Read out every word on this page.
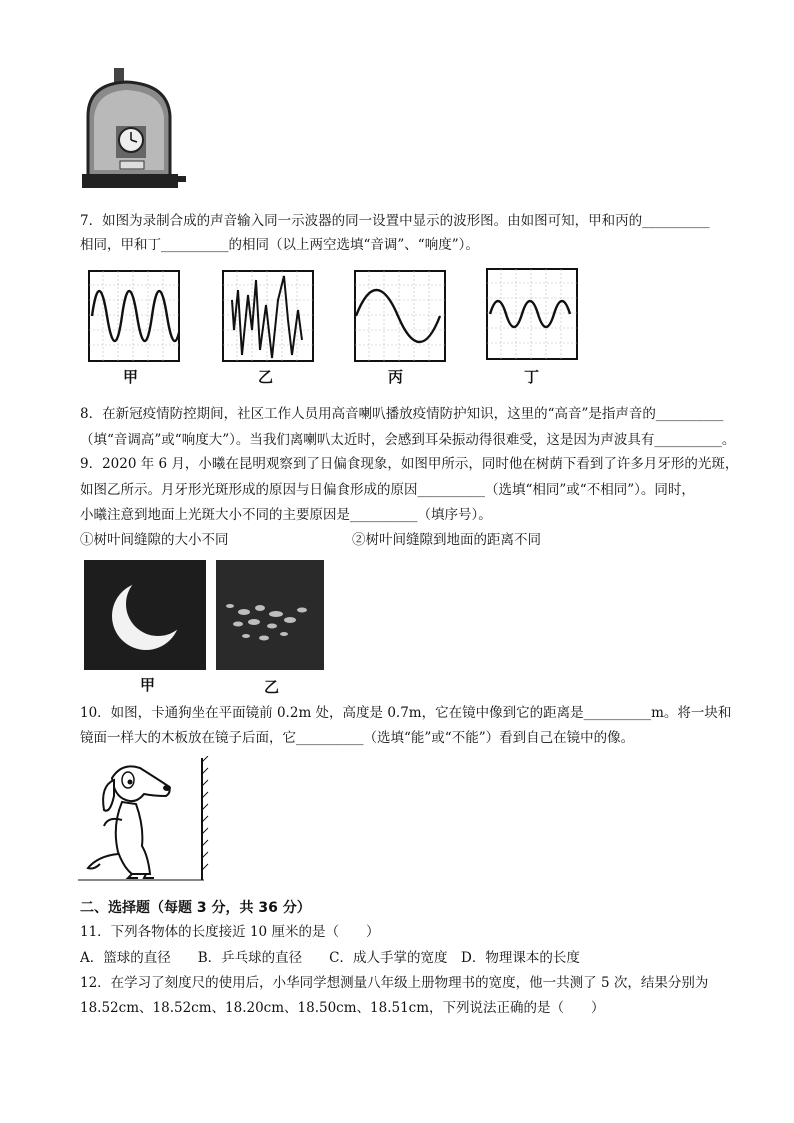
7．如图为录制合成的声音输入同一示波器的同一设置中显示的波形图。由如图可知，甲和丙的__________
相同，甲和丁__________的相同（以上两空选填“音调”、“响度”）。
甲	乙	丙	丁
8．在新冠疫情防控期间，社区工作人员用高音喇叭播放疫情防护知识，这里的“高音”是指声音的__________
（填“音调高”或“响度大”）。当我们离喇叭太近时，会感到耳朵振动得很难受，这是因为声波具有__________。
9．2020 年 6 月，小曦在昆明观察到了日偏食现象，如图甲所示，同时他在树荫下看到了许多月牙形的光斑，
如图乙所示。月牙形光斑形成的原因与日偏食形成的原因__________（选填“相同”或“不相同”）。同时，
小曦注意到地面上光斑大小不同的主要原因是__________（填序号）。
①树叶间缝隙的大小不同	②树叶间缝隙到地面的距离不同
甲	乙
10．如图，卡通狗坐在平面镜前 0.2m 处，高度是 0.7m，它在镜中像到它的距离是__________m。将一块和
镜面一样大的木板放在镜子后面，它__________（选填“能”或“不能”）看到自己在镜中的像。
二、选择题（每题 3 分，共 36 分）
11．下列各物体的长度接近 10 厘米的是（　　）
A．篮球的直径　　B．乒乓球的直径　　C．成人手掌的宽度　D．物理课本的长度
12．在学习了刻度尺的使用后，小华同学想测量八年级上册物理书的宽度，他一共测了 5 次，结果分别为
18.52cm、18.52cm、18.20cm、18.50cm、18.51cm，下列说法正确的是（　　）
